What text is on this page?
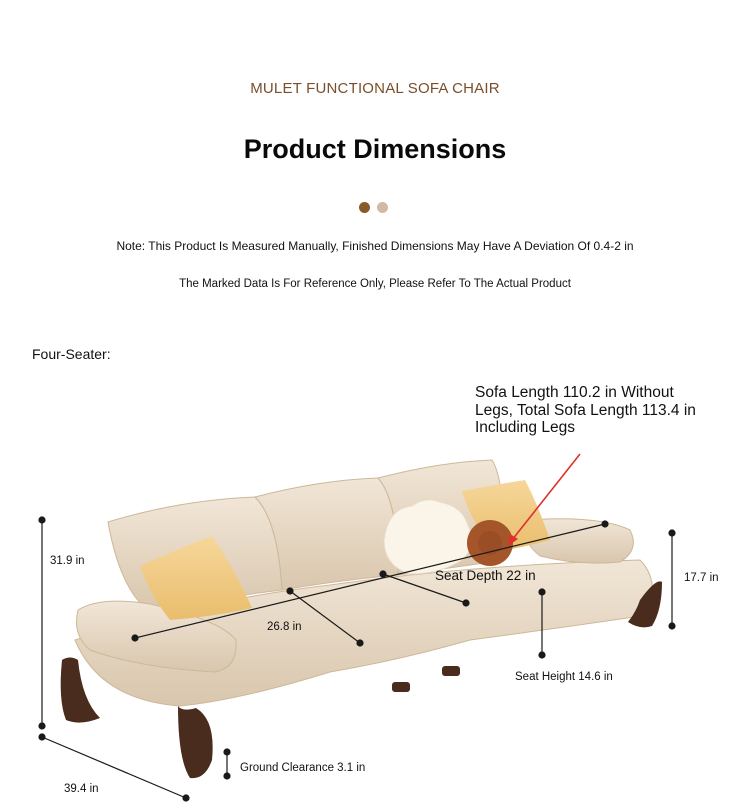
MULET FUNCTIONAL SOFA CHAIR
Product Dimensions
Note: This Product Is Measured Manually, Finished Dimensions May Have A Deviation Of 0.4-2 in
The Marked Data Is For Reference Only, Please Refer To The Actual Product
Four-Seater:
Sofa Length 110.2 in Without Legs, Total Sofa Length 113.4 in Including Legs
31.9 in
39.4 in
26.8 in
Seat Depth 22 in	17.7 in
Seat Height 14.6 in
Ground Clearance 3.1 in
